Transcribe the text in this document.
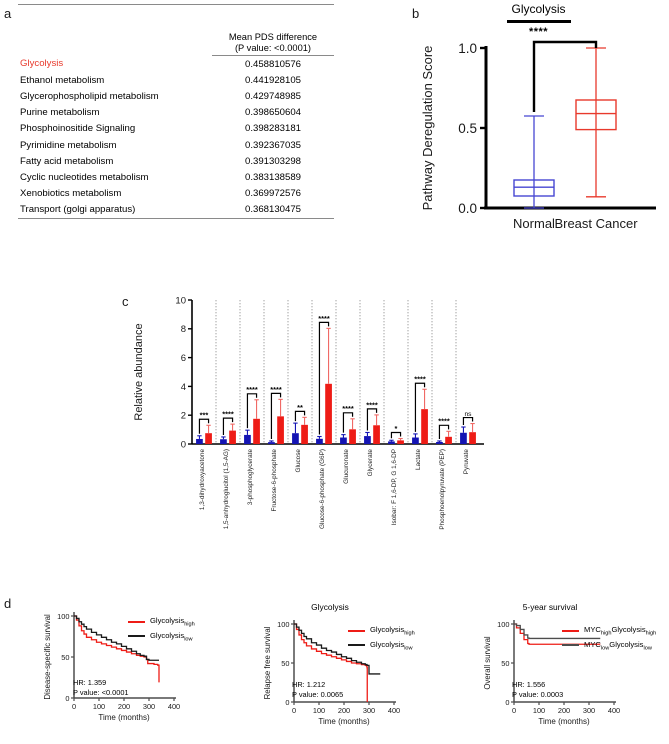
a

	Mean PDS difference
(P value: <0.0001)
Glycolysis	0.458810576
Ethanol metabolism	0.441928105
Glycerophospholipid metabolism	0.429748985
Purine metabolism	0.398650604
Phosphoinositide Signaling	0.398283181
Pyrimidine metabolism	0.392367035
Fatty acid metabolism	0.391303298
Cyclic nucleotides metabolism	0.383138589
Xenobiotics metabolism	0.369972576
Transport (golgi apparatus)	0.368130475

b	Glycolysis
****
0.0
0.5
1.0
Pathway Deregulation Score
Normal Breast Cancer
c
0
2
4
6
8
10
Relative abundance	***
1,3-dihydroxyacetone
****
1,5-anhydroglucitol (1,5-AG)
****
3-phosphoglycerate
****
Fructose-6-phosphate
**
Glucose
****
Glucose-6-phosphate (G6P)
****
Glucuronate
****
Glycerate
*
Isobar: F 1,6-DP, G 1,6-DP
****
Lactate
****
Phosphoenolpyruvate (PEP)
ns
Pyruvate
d
0
50
100
0 100 200 300 400
Time (months)
Disease-specific survival	Glycolysis$_{high}$
Glycolysis$_{low}$
HR: 1.359
P value: <0.0001
Glycolysis
0
50
100
0 100 200 300 400
Time (months)
Relapse free survival	Glycolysis$_{high}$
Glycolysis$_{low}$
HR: 1.212
P value: 0.0065
5-year survival
0
50
100
0 100 200 300 400
Time (months)
Overall survival
$MYC_{high}Glycolysis_{high}$
$MYC_{low}Glycolysis_{low}$
HR: 1.556
P value: 0.0003
